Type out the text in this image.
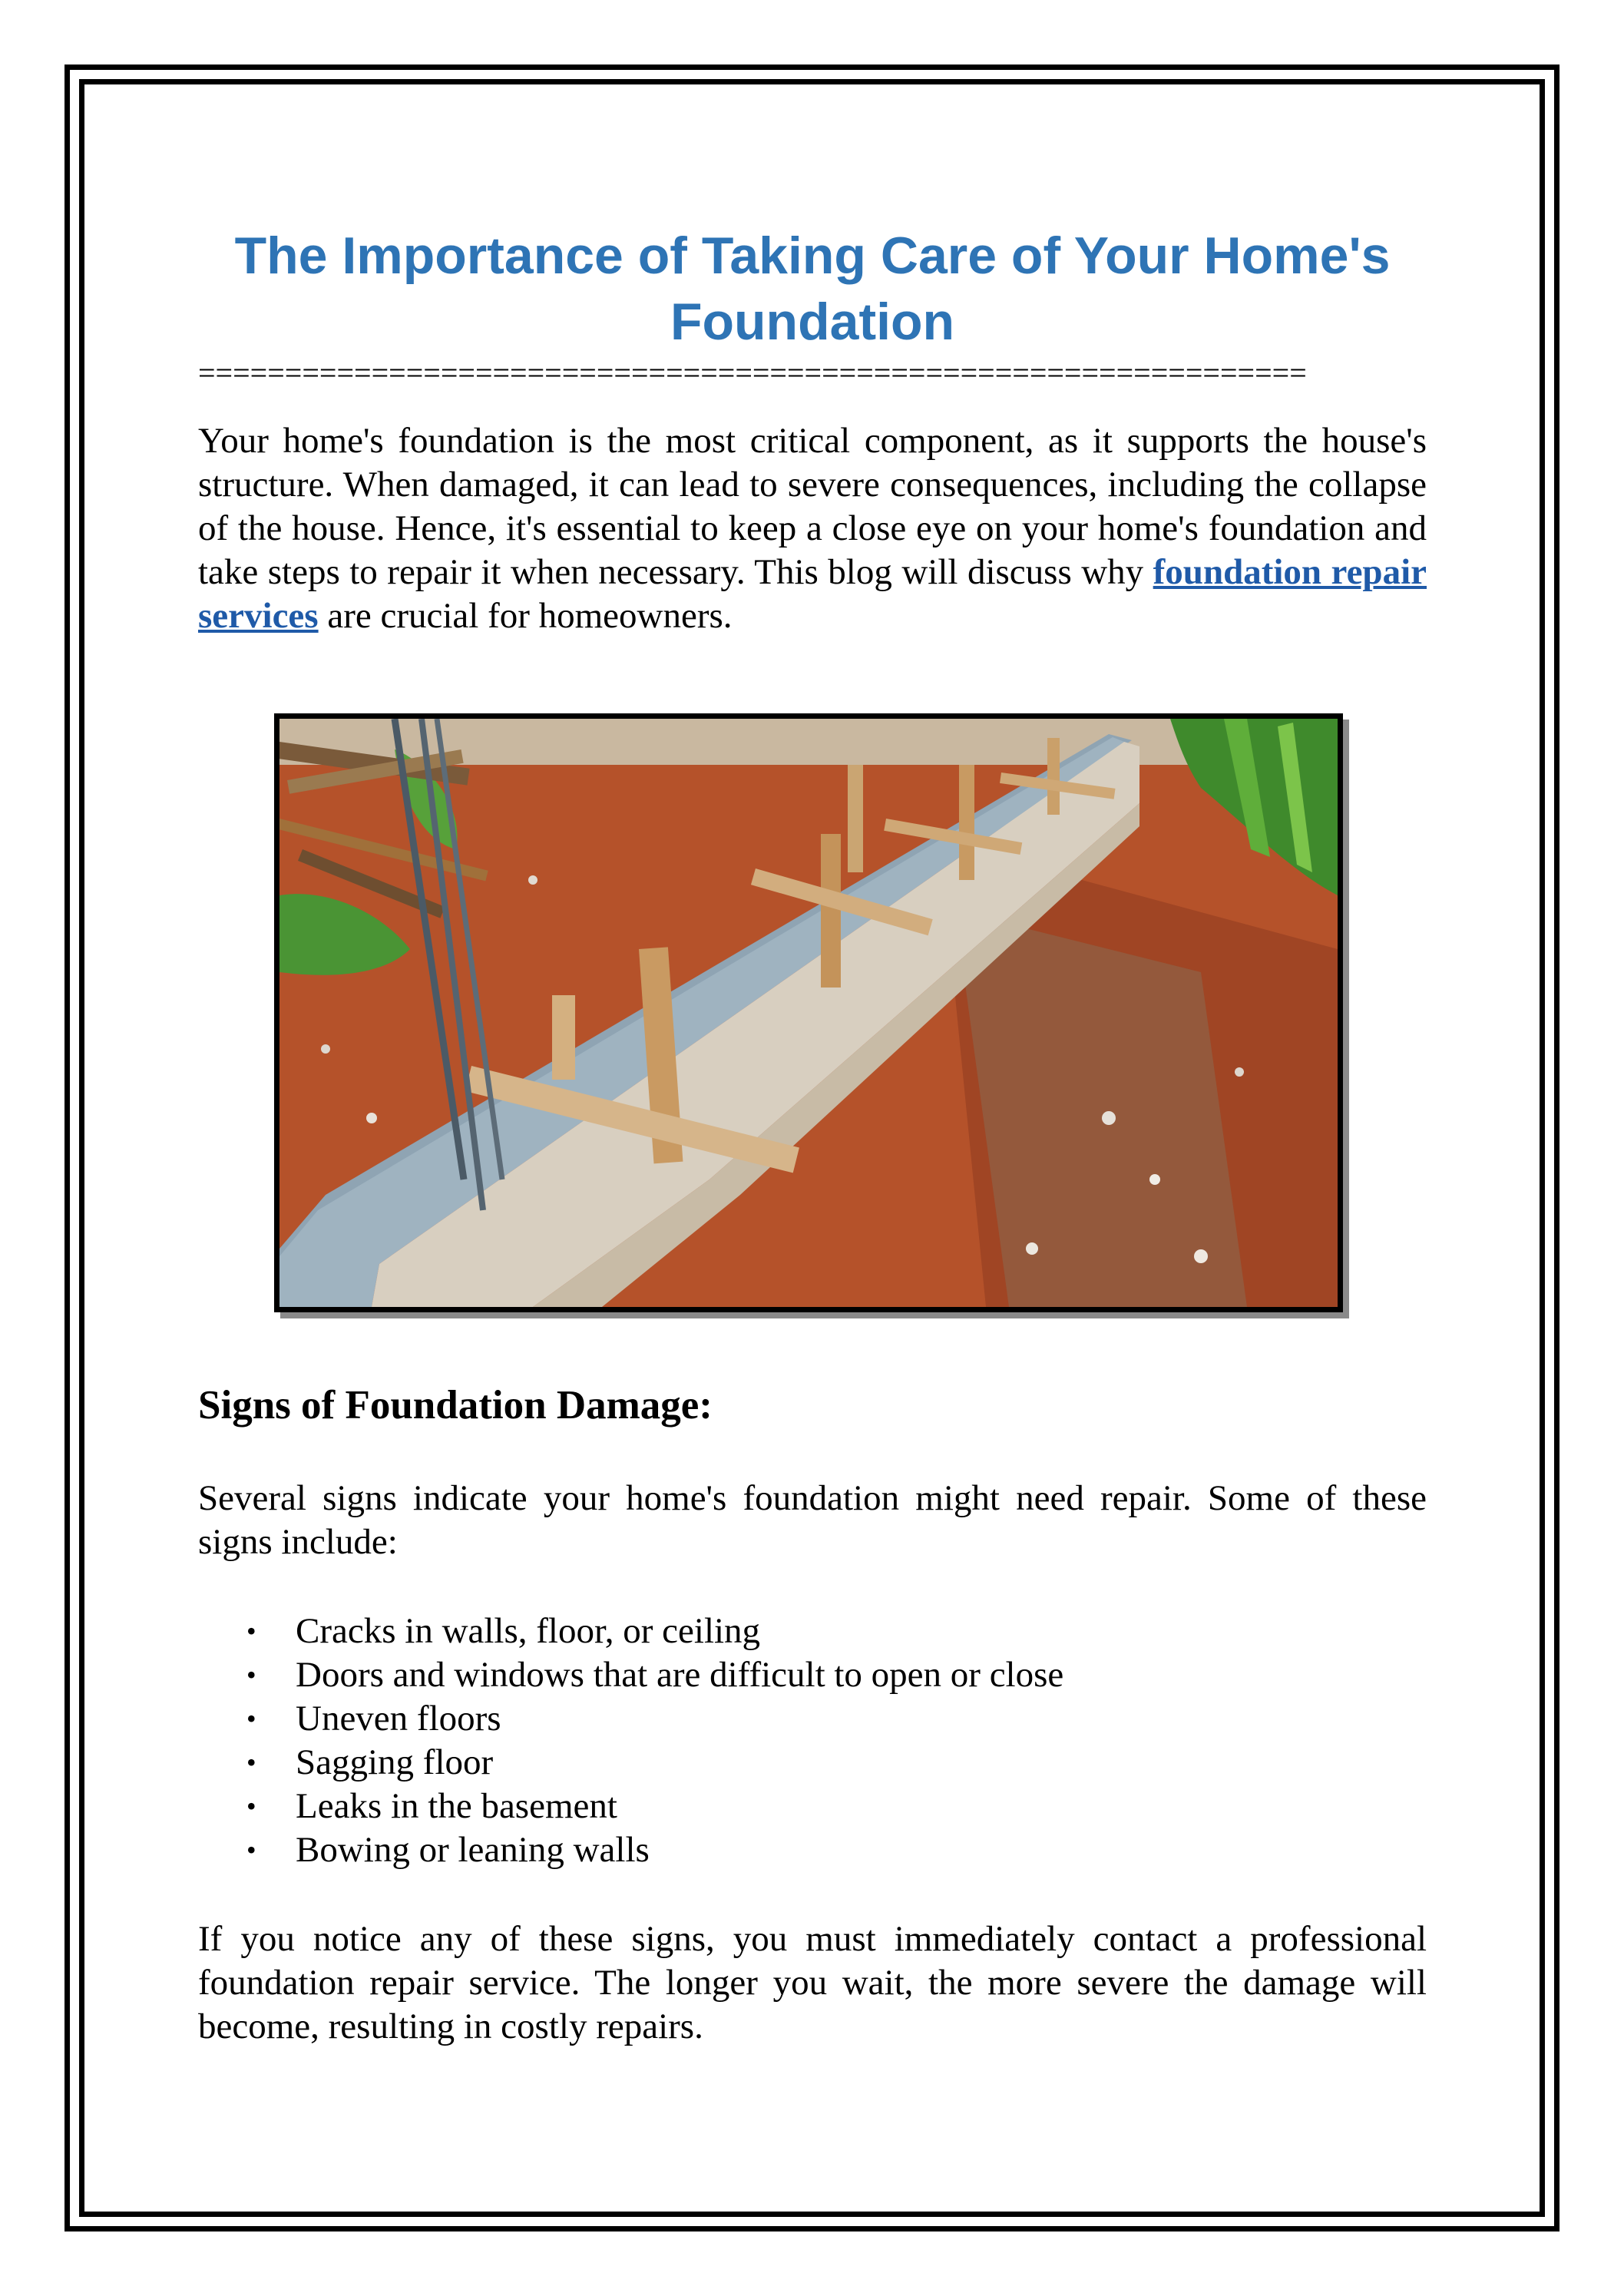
The Importance of Taking Care of Your Home's Foundation
================================================================

Your home's foundation is the most critical component, as it supports the house's structure. When damaged, it can lead to severe consequences, including the collapse of the house. Hence, it's essential to keep a close eye on your home's foundation and take steps to repair it when necessary. This blog will discuss why foundation repair services are crucial for homeowners.

Signs of Foundation Damage:

Several signs indicate your home's foundation might need repair. Some of these signs include:

• Cracks in walls, floor, or ceiling
• Doors and windows that are difficult to open or close
• Uneven floors
• Sagging floor
• Leaks in the basement
• Bowing or leaning walls

If you notice any of these signs, you must immediately contact a professional foundation repair service. The longer you wait, the more severe the damage will become, resulting in costly repairs.
